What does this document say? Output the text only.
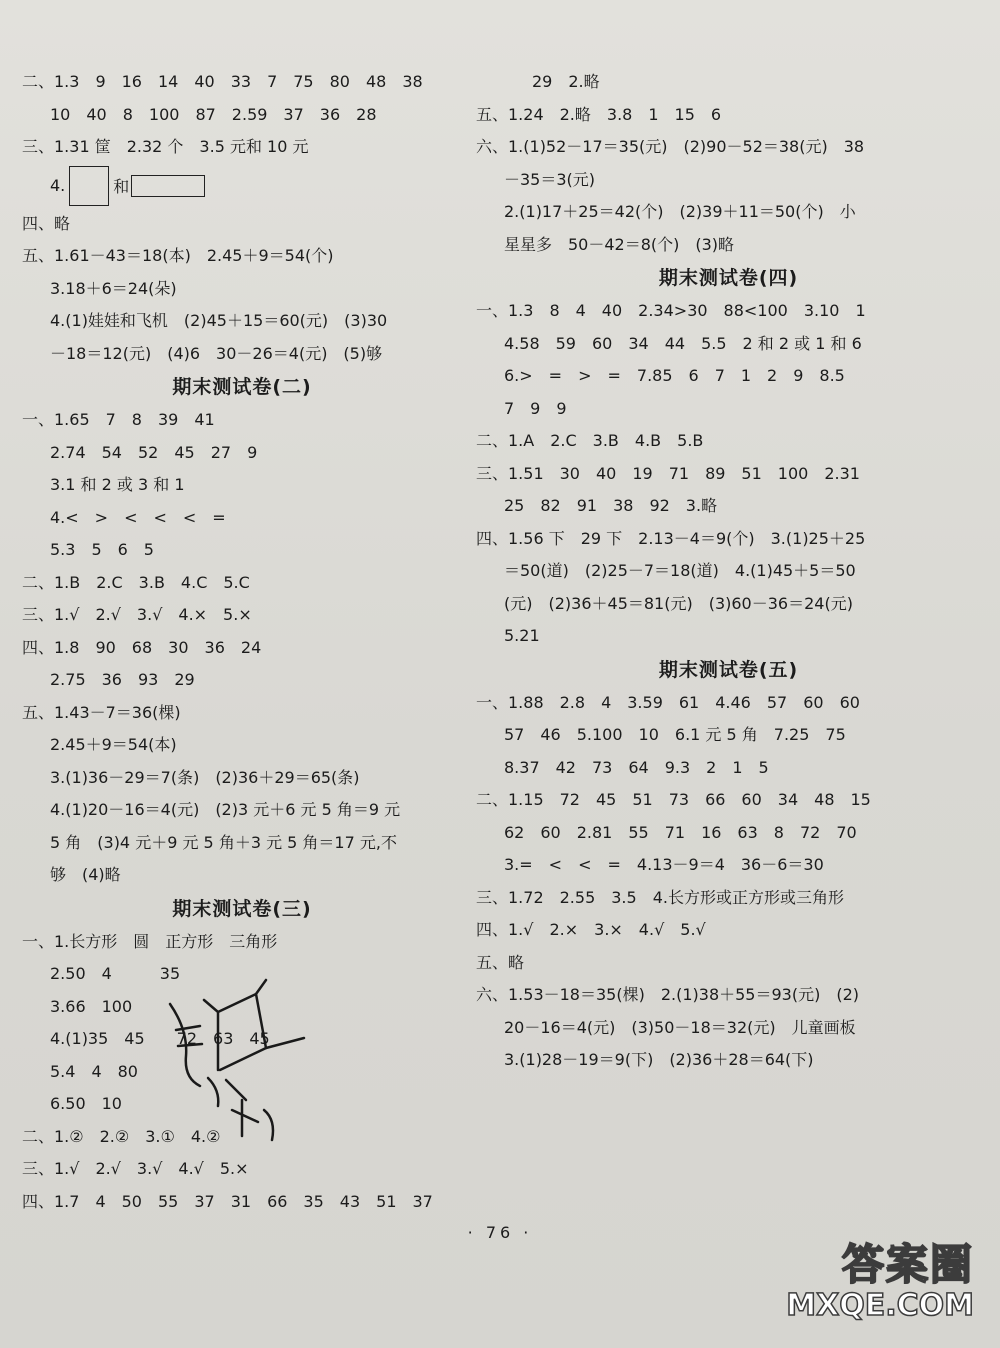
二、1.3　9　16　14　40　33　7　75　80　48　38
10　40　8　100　87　2.59　37　36　28
三、1.31 筐　2.32 个　3.5 元和 10 元
4.	和
四、略
五、1.61－43＝18(本)　2.45＋9＝54(个)
3.18＋6＝24(朵)
4.(1)娃娃和飞机　(2)45＋15＝60(元)　(3)30
－18＝12(元)　(4)6　30－26＝4(元)　(5)够
期末测试卷(二)
一、1.65　7　8　39　41
2.74　54　52　45　27　9
3.1 和 2 或 3 和 1
4.<　>　<　<　<　=
5.3　5　6　5
二、1.B　2.C　3.B　4.C　5.C
三、1.√　2.√　3.√　4.×　5.×
四、1.8　90　68　30　36　24
2.75　36　93　29
五、1.43－7＝36(棵)
2.45＋9＝54(本)
3.(1)36－29＝7(条)　(2)36＋29＝65(条)
4.(1)20－16＝4(元)　(2)3 元＋6 元 5 角＝9 元
5 角　(3)4 元＋9 元 5 角＋3 元 5 角＝17 元,不
够　(4)略
期末测试卷(三)
一、1.长方形　圆　正方形　三角形
2.50　4　　　35
3.66　100
4.(1)35　45　　72　63　45
5.4　4　80
6.50　10
二、1.②　2.②　3.①　4.②
三、1.√　2.√　3.√　4.√　5.×
四、1.7　4　50　55　37　31　66　35　43　51　37
29　2.略
五、1.24　2.略　3.8　1　15　6
六、1.(1)52－17＝35(元)　(2)90－52＝38(元)　38
－35＝3(元)
2.(1)17＋25＝42(个)　(2)39＋11＝50(个)　小
星星多　50－42＝8(个)　(3)略
期末测试卷(四)
一、1.3　8　4　40　2.34>30　88<100　3.10　1
4.58　59　60　34　44　5.5　2 和 2 或 1 和 6
6.>　=　>　=　7.85　6　7　1　2　9　8.5
7　9　9
二、1.A　2.C　3.B　4.B　5.B
三、1.51　30　40　19　71　89　51　100　2.31
25　82　91　38　92　3.略
四、1.56 下　29 下　2.13－4＝9(个)　3.(1)25＋25
＝50(道)　(2)25－7＝18(道)　4.(1)45＋5＝50
(元)　(2)36＋45＝81(元)　(3)60－36＝24(元)
5.21
期末测试卷(五)
一、1.88　2.8　4　3.59　61　4.46　57　60　60
57　46　5.100　10　6.1 元 5 角　7.25　75
8.37　42　73　64　9.3　2　1　5
二、1.15　72　45　51　73　66　60　34　48　15
62　60　2.81　55　71　16　63　8　72　70
3.=　<　<　=　4.13－9＝4　36－6＝30
三、1.72　2.55　3.5　4.长方形或正方形或三角形
四、1.√　2.×　3.×　4.√　5.√
五、略
六、1.53－18＝35(棵)　2.(1)38＋55＝93(元)　(2)
20－16＝4(元)　(3)50－18＝32(元)　儿童画板
3.(1)28－19＝9(下)　(2)36＋28＝64(下)
· 76 ·
答案圈
MXQE.COM
